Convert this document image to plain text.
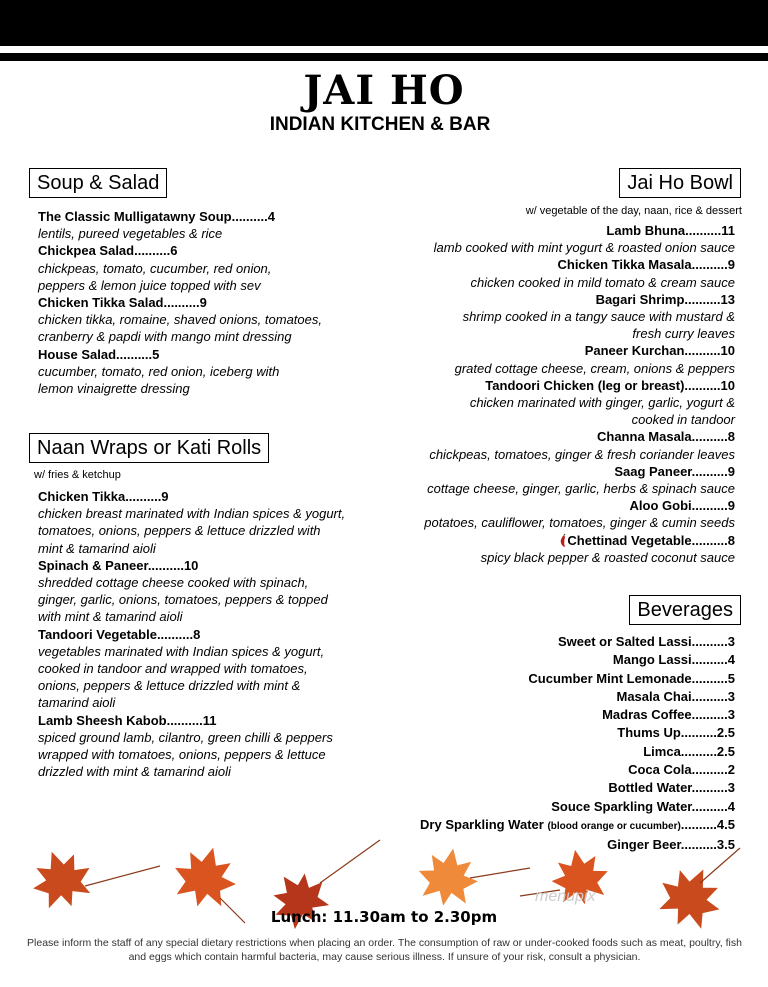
JAI HO
INDIAN KITCHEN & BAR
Soup & Salad
The Classic Mulligatawny Soup..........4
lentils, pureed vegetables & rice
Chickpea Salad..........6
chickpeas, tomato, cucumber, red onion,
peppers & lemon juice topped with sev
Chicken Tikka Salad..........9
chicken tikka, romaine, shaved onions, tomatoes,
cranberry & papdi with mango mint dressing
House Salad..........5
cucumber, tomato, red onion, iceberg with
lemon vinaigrette dressing
Naan Wraps or Kati Rolls
w/ fries & ketchup
Chicken Tikka..........9
chicken breast marinated with Indian spices & yogurt,
tomatoes, onions, peppers & lettuce drizzled with
mint & tamarind aioli
Spinach & Paneer..........10
shredded cottage cheese cooked with spinach,
ginger, garlic, onions, tomatoes, peppers & topped
with mint & tamarind aioli
Tandoori Vegetable..........8
vegetables marinated with Indian spices & yogurt,
cooked in tandoor and wrapped with tomatoes,
onions, peppers & lettuce drizzled with mint &
tamarind aioli
Lamb Sheesh Kabob..........11
spiced ground lamb, cilantro, green chilli & peppers
wrapped with tomatoes, onions, peppers & lettuce
drizzled with mint & tamarind aioli
Jai Ho Bowl
w/ vegetable of the day, naan, rice & dessert
Lamb Bhuna..........11
lamb cooked with mint yogurt & roasted onion sauce
Chicken Tikka Masala..........9
chicken cooked in mild tomato & cream sauce
Bagari Shrimp..........13
shrimp cooked in a tangy sauce with mustard &
fresh curry leaves
Paneer Kurchan..........10
grated cottage cheese, cream, onions & peppers
Tandoori Chicken (leg or breast)..........10
chicken marinated with ginger, garlic, yogurt &
cooked in tandoor
Channa Masala..........8
chickpeas, tomatoes, ginger & fresh coriander leaves
Saag Paneer..........9
cottage cheese, ginger, garlic, herbs & spinach sauce
Aloo Gobi..........9
potatoes, cauliflower, tomatoes, ginger & cumin seeds
Chettinad Vegetable..........8
spicy black pepper & roasted coconut sauce
Beverages
Sweet or Salted Lassi..........3
Mango Lassi..........4
Cucumber Mint Lemonade..........5
Masala Chai..........3
Madras Coffee..........3
Thums Up..........2.5
Limca..........2.5
Coca Cola..........2
Bottled Water..........3
Souce Sparkling Water..........4
Dry Sparkling Water (blood orange or cucumber)..........4.5
Ginger Beer..........3.5
menupix
Lunch: 11.30am to 2.30pm
Please inform the staff of any special dietary restrictions when placing an order. The consumption of raw or under-cooked foods such as meat, poultry, fish and eggs which contain harmful bacteria, may cause serious illness. If unsure of your risk, consult a physician.
